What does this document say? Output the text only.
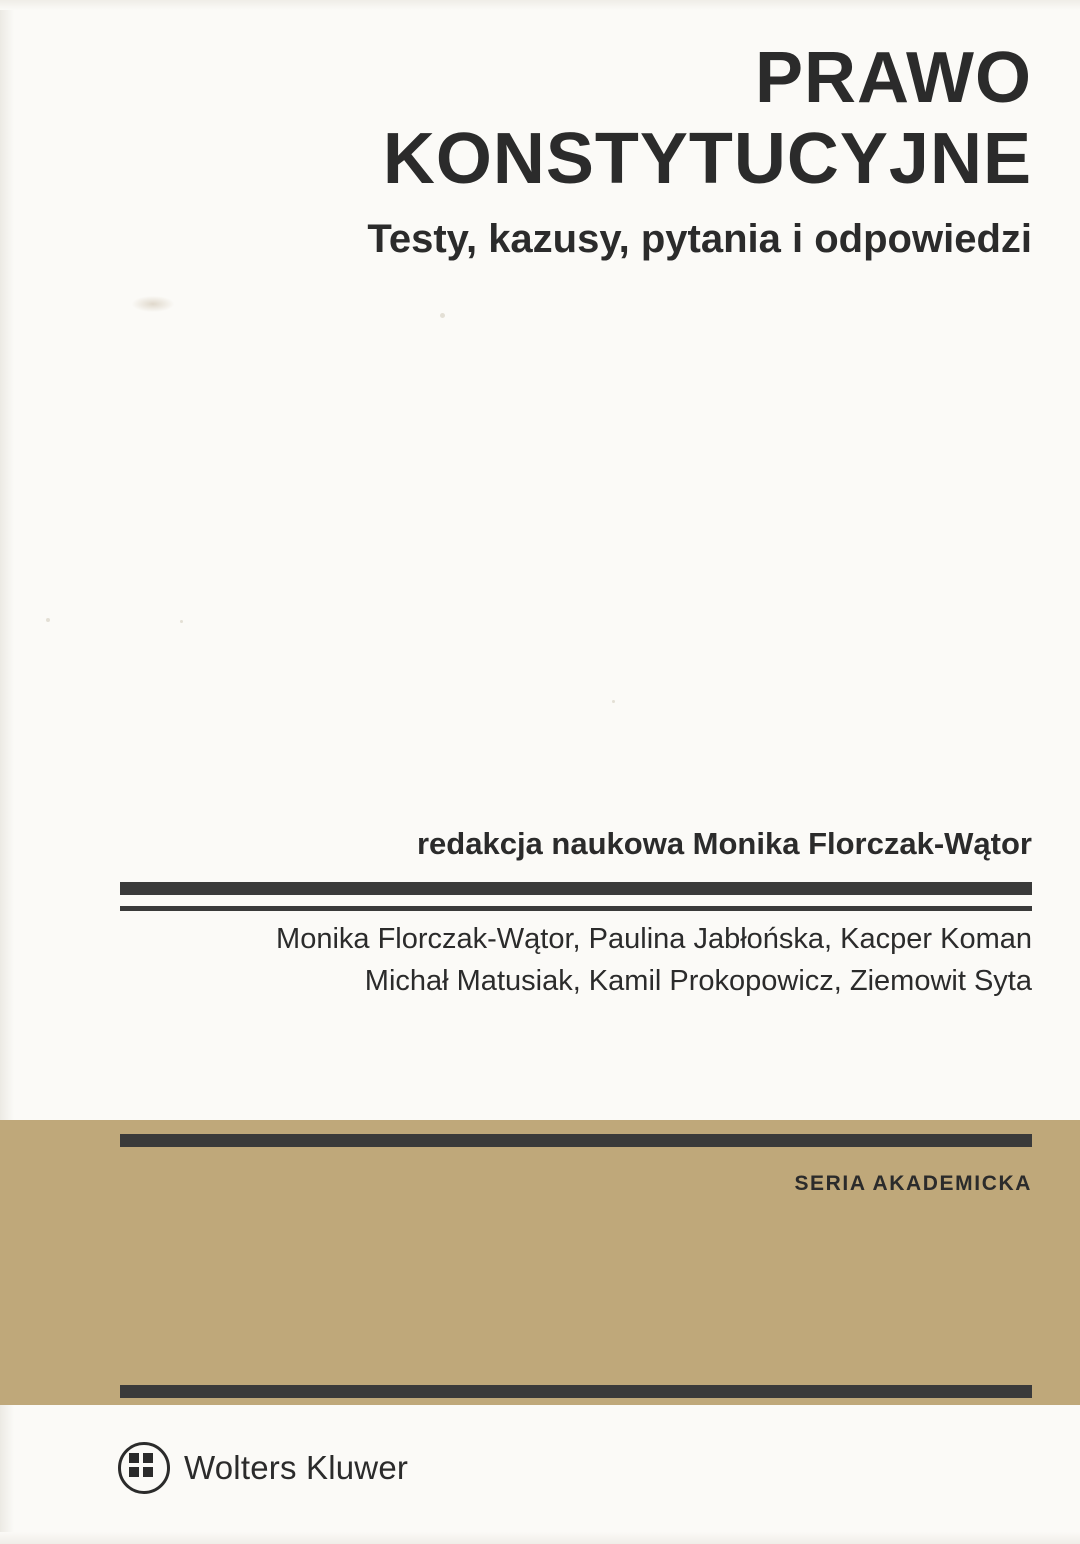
PRAWO
KONSTYTUCYJNE

Testy, kazusy, pytania i odpowiedzi

redakcja naukowa Monika Florczak-Wątor
Monika Florczak-Wątor, Paulina Jabłońska, Kacper Koman
Michał Matusiak, Kamil Prokopowicz, Ziemowit Syta
SERIA AKADEMICKA
Wolters Kluwer
